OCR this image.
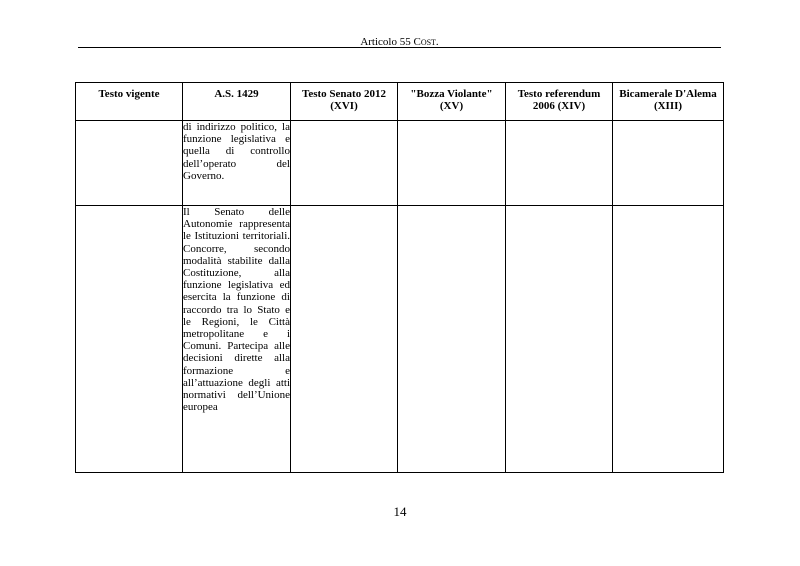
Articolo 55 Cost.
Testo vigente	A.S. 1429	Testo Senato 2012 (XVI)	"Bozza Violante" (XV)	Testo referendum 2006 (XIV)	Bicamerale D'Alema (XIII)
	di indirizzo politico, la funzione legislativa e quella di controllo dell’operato del Governo.				
	Il Senato delle Autonomie rappresenta le Istituzioni territoriali. Concorre, secondo modalità stabilite dalla Costituzione, alla funzione legislativa ed esercita la funzione di raccordo tra lo Stato e le Regioni, le Città metropolitane e i Comuni. Partecipa alle decisioni dirette alla formazione e all’attuazione degli atti normativi dell’Unione europea				
14
